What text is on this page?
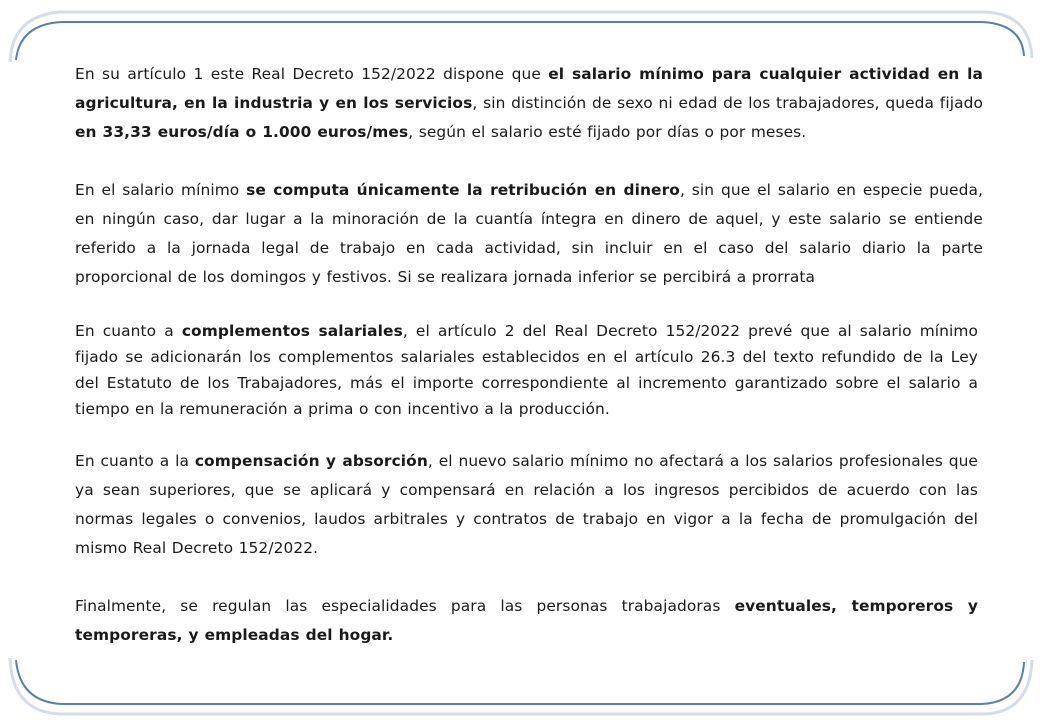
En su artículo 1 este Real Decreto 152/2022 dispone que el salario mínimo para cualquier actividad en la agricultura, en la industria y en los servicios, sin distinción de sexo ni edad de los trabajadores, queda fijado en 33,33 euros/día o 1.000 euros/mes, según el salario esté fijado por días o por meses.

En el salario mínimo se computa únicamente la retribución en dinero, sin que el salario en especie pueda, en ningún caso, dar lugar a la minoración de la cuantía íntegra en dinero de aquel, y este salario se entiende referido a la jornada legal de trabajo en cada actividad, sin incluir en el caso del salario diario la parte proporcional de los domingos y festivos. Si se realizara jornada inferior se percibirá a prorrata

En cuanto a complementos salariales, el artículo 2 del Real Decreto 152/2022 prevé que al salario mínimo fijado se adicionarán los complementos salariales establecidos en el artículo 26.3 del texto refundido de la Ley del Estatuto de los Trabajadores, más el importe correspondiente al incremento garantizado sobre el salario a tiempo en la remuneración a prima o con incentivo a la producción.

En cuanto a la compensación y absorción, el nuevo salario mínimo no afectará a los salarios profesionales que ya sean superiores, que se aplicará y compensará en relación a los ingresos percibidos de acuerdo con las normas legales o convenios, laudos arbitrales y contratos de trabajo en vigor a la fecha de promulgación del mismo Real Decreto 152/2022.

Finalmente, se regulan las especialidades para las personas trabajadoras eventuales, temporeros y temporeras, y empleadas del hogar.
